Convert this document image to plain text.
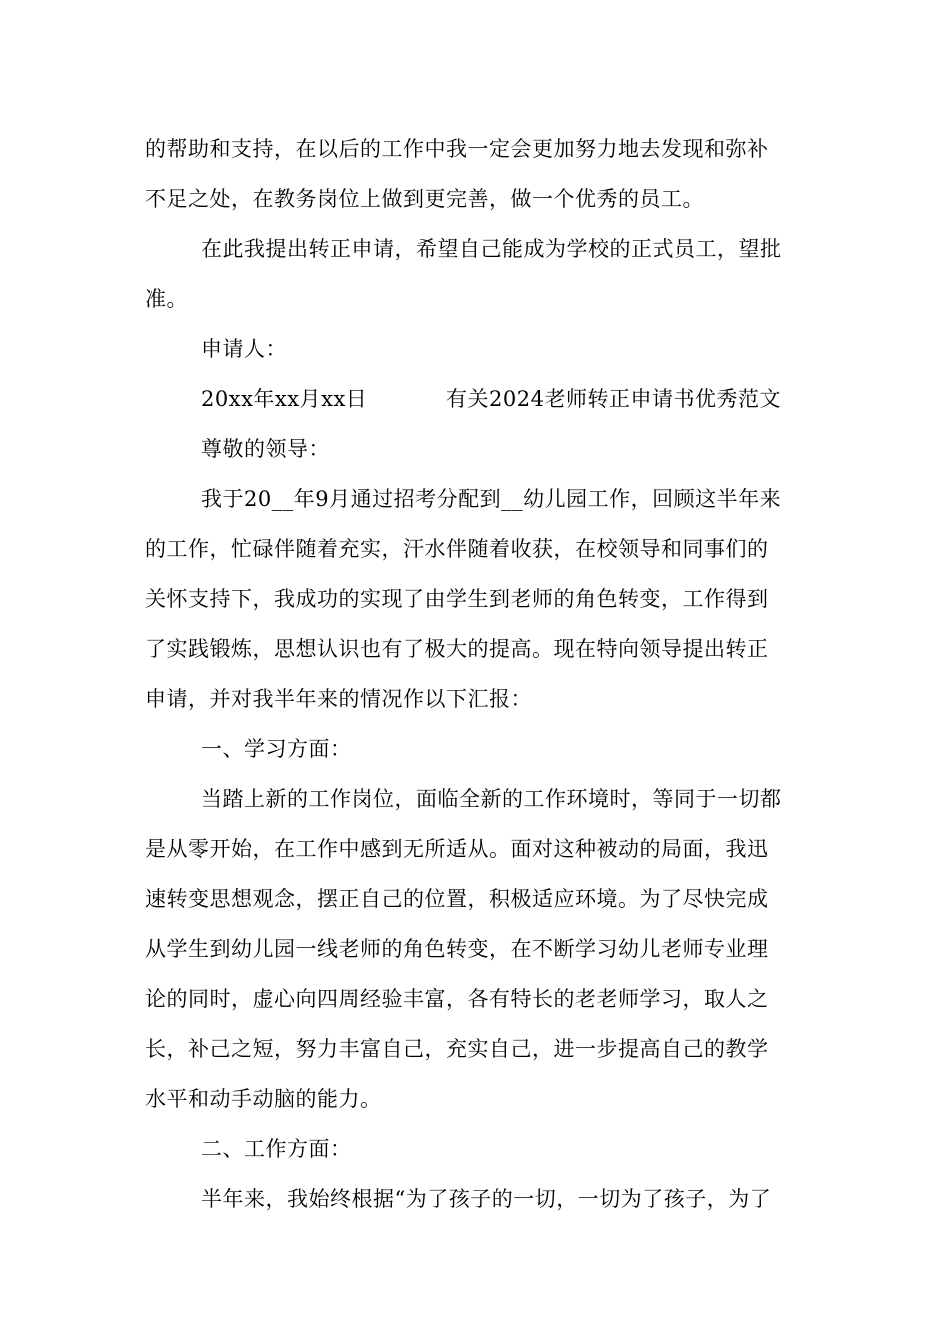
的帮助和支持，在以后的工作中我一定会更加努力地去发现和弥补
不足之处，在教务岗位上做到更完善，做一个优秀的员工。
在此我提出转正申请，希望自己能成为学校的正式员工，望批
准。
申请人：
20xx年xx月xx日	有关2024老师转正申请书优秀范文
尊敬的领导：
我于20__年9月通过招考分配到__幼儿园工作，回顾这半年来
的工作，忙碌伴随着充实，汗水伴随着收获，在校领导和同事们的
关怀支持下，我成功的实现了由学生到老师的角色转变，工作得到
了实践锻炼，思想认识也有了极大的提高。现在特向领导提出转正
申请，并对我半年来的情况作以下汇报：
一、学习方面：
当踏上新的工作岗位，面临全新的工作环境时，等同于一切都
是从零开始，在工作中感到无所适从。面对这种被动的局面，我迅
速转变思想观念，摆正自己的位置，积极适应环境。为了尽快完成
从学生到幼儿园一线老师的角色转变，在不断学习幼儿老师专业理
论的同时，虚心向四周经验丰富，各有特长的老老师学习，取人之
长，补己之短，努力丰富自己，充实自己，进一步提高自己的教学
水平和动手动脑的能力。
二、工作方面：
半年来，我始终根据“为了孩子的一切，一切为了孩子，为了
